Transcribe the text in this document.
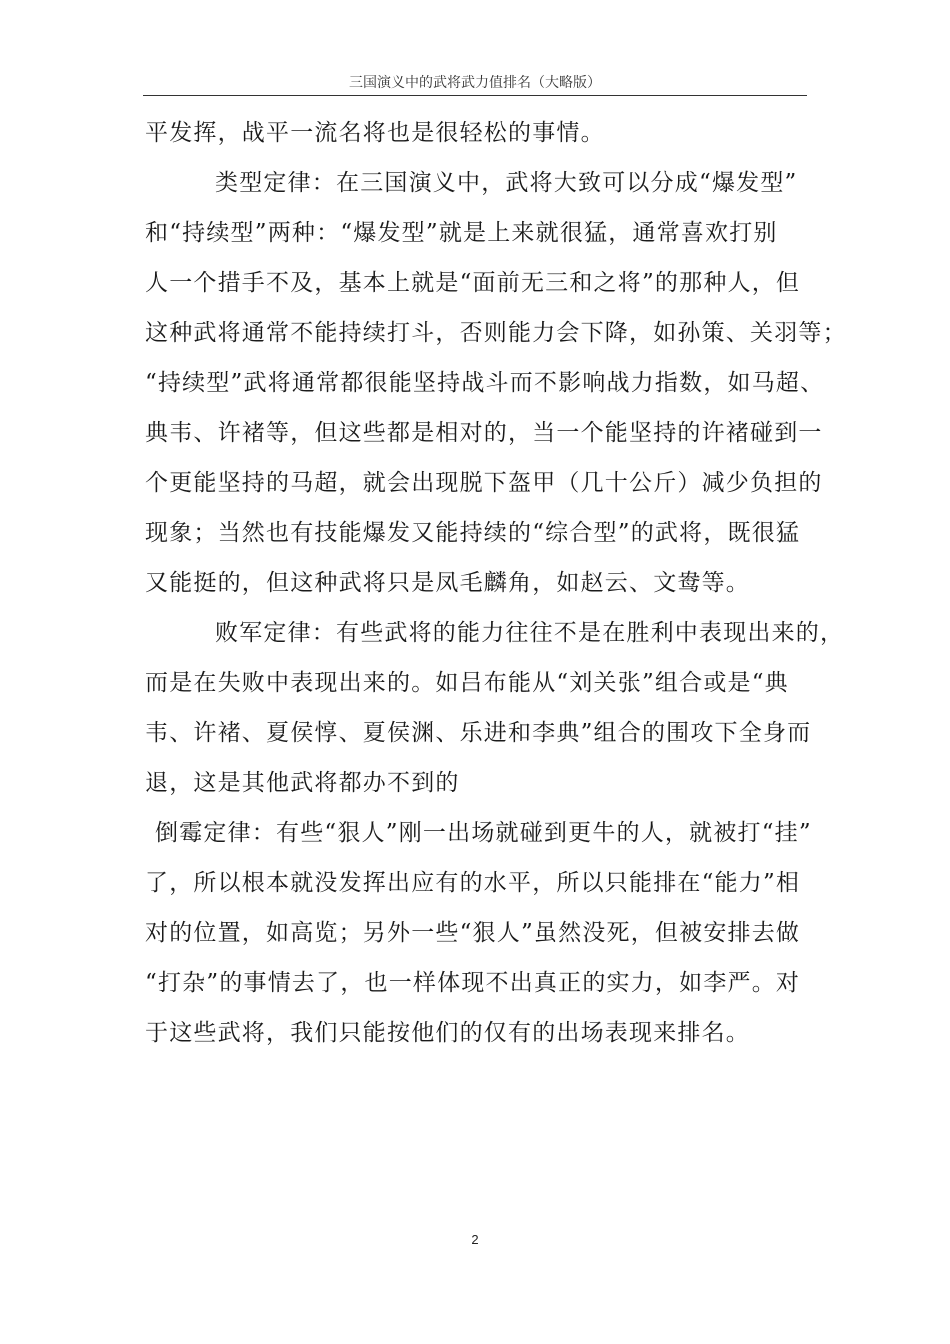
三国演义中的武将武力值排名（大略版）
平发挥，战平一流名将也是很轻松的事情。
类型定律：在三国演义中，武将大致可以分成“爆发型”
和“持续型”两种：“爆发型”就是上来就很猛，通常喜欢打别
人一个措手不及，基本上就是“面前无三和之将”的那种人，但
这种武将通常不能持续打斗，否则能力会下降，如孙策、关羽等；
“持续型”武将通常都很能坚持战斗而不影响战力指数，如马超、
典韦、许褚等，但这些都是相对的，当一个能坚持的许褚碰到一
个更能坚持的马超，就会出现脱下盔甲（几十公斤）减少负担的
现象；当然也有技能爆发又能持续的“综合型”的武将，既很猛
又能挺的，但这种武将只是凤毛麟角，如赵云、文鸯等。
败军定律：有些武将的能力往往不是在胜利中表现出来的，
而是在失败中表现出来的。如吕布能从“刘关张”组合或是“典
韦、许褚、夏侯惇、夏侯渊、乐进和李典”组合的围攻下全身而
退，这是其他武将都办不到的
倒霉定律：有些“狠人”刚一出场就碰到更牛的人，就被打“挂”
了，所以根本就没发挥出应有的水平，所以只能排在“能力”相
对的位置，如高览；另外一些“狠人”虽然没死，但被安排去做
“打杂”的事情去了，也一样体现不出真正的实力，如李严。对
于这些武将，我们只能按他们的仅有的出场表现来排名。
2
